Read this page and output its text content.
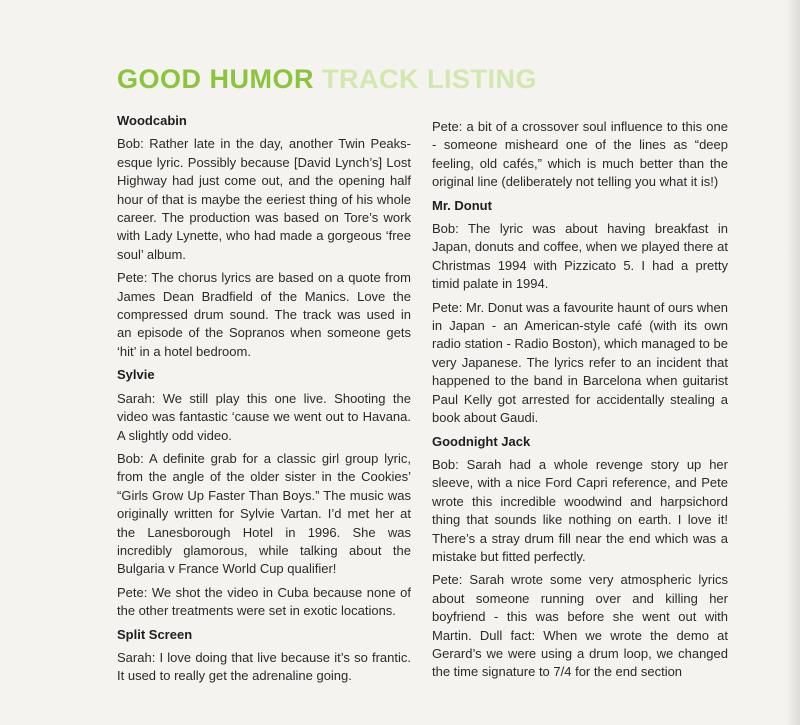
GOOD HUMOR TRACK LISTING
Woodcabin

Bob: Rather late in the day, another Twin Peaks-esque lyric. Possibly because [David Lynch’s] Lost Highway had just come out, and the opening half hour of that is maybe the eeriest thing of his whole career. The production was based on Tore’s work with Lady Lynette, who had made a gorgeous ‘free soul’ album.

Pete: The chorus lyrics are based on a quote from James Dean Bradfield of the Manics. Love the compressed drum sound. The track was used in an episode of the Sopranos when someone gets ‘hit’ in a hotel bedroom.

Sylvie

Sarah: We still play this one live. Shooting the video was fantastic ‘cause we went out to Havana. A slightly odd video.

Bob: A definite grab for a classic girl group lyric, from the angle of the older sister in the Cookies’ “Girls Grow Up Faster Than Boys.” The music was originally written for Sylvie Vartan. I’d met her at the Lanesborough Hotel in 1996. She was incredibly glamorous, while talking about the Bulgaria v France World Cup qualifier!

Pete: We shot the video in Cuba because none of the other treatments were set in exotic locations.

Split Screen

Sarah: I love doing that live because it’s so frantic. It used to really get the adrenaline going.

Pete: a bit of a crossover soul influence to this one - someone misheard one of the lines as “deep feeling, old cafés,” which is much better than the original line (deliberately not telling you what it is!)

Mr. Donut

Bob: The lyric was about having breakfast in Japan, donuts and coffee, when we played there at Christmas 1994 with Pizzicato 5. I had a pretty timid palate in 1994.

Pete: Mr. Donut was a favourite haunt of ours when in Japan - an American-style café (with its own radio station - Radio Boston), which managed to be very Japanese. The lyrics refer to an incident that happened to the band in Barcelona when guitarist Paul Kelly got arrested for accidentally stealing a book about Gaudi.

Goodnight Jack

Bob: Sarah had a whole revenge story up her sleeve, with a nice Ford Capri reference, and Pete wrote this incredible woodwind and harpsichord thing that sounds like nothing on earth. I love it! There’s a stray drum fill near the end which was a mistake but fitted perfectly.

Pete: Sarah wrote some very atmospheric lyrics about someone running over and killing her boyfriend - this was before she went out with Martin. Dull fact: When we wrote the demo at Gerard’s we were using a drum loop, we changed the time signature to 7/4 for the end section
